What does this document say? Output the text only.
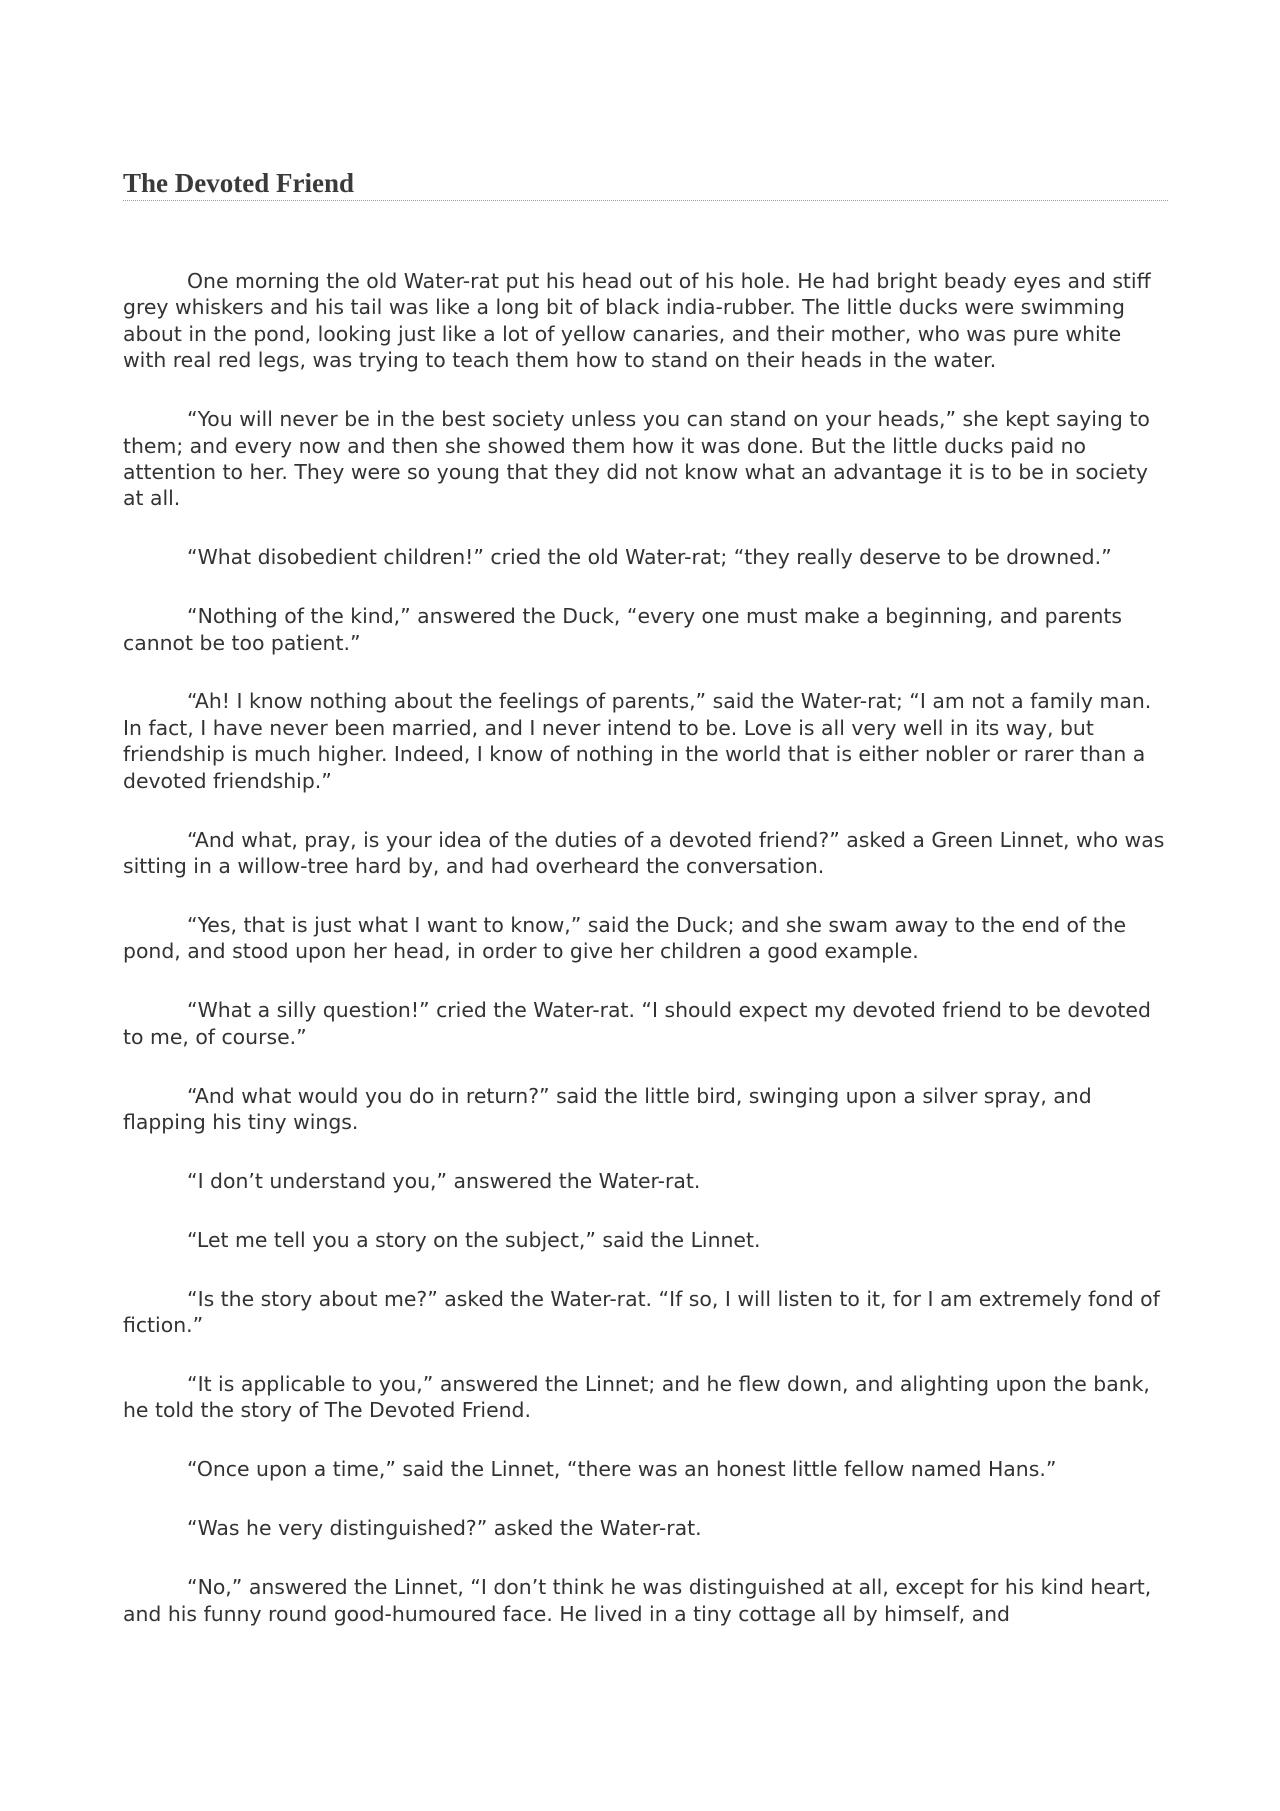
The Devoted Friend

One morning the old Water-rat put his head out of his hole. He had bright beady eyes and stiff grey whiskers and his tail was like a long bit of black india-rubber. The little ducks were swimming about in the pond, looking just like a lot of yellow canaries, and their mother, who was pure white with real red legs, was trying to teach them how to stand on their heads in the water.

“You will never be in the best society unless you can stand on your heads,” she kept saying to them; and every now and then she showed them how it was done. But the little ducks paid no attention to her. They were so young that they did not know what an advantage it is to be in society at all.

“What disobedient children!” cried the old Water-rat; “they really deserve to be drowned.”

“Nothing of the kind,” answered the Duck, “every one must make a beginning, and parents cannot be too patient.”

“Ah! I know nothing about the feelings of parents,” said the Water-rat; “I am not a family man. In fact, I have never been married, and I never intend to be. Love is all very well in its way, but friendship is much higher. Indeed, I know of nothing in the world that is either nobler or rarer than a devoted friendship.”

“And what, pray, is your idea of the duties of a devoted friend?” asked a Green Linnet, who was sitting in a willow-tree hard by, and had overheard the conversation.

“Yes, that is just what I want to know,” said the Duck; and she swam away to the end of the pond, and stood upon her head, in order to give her children a good example.

“What a silly question!” cried the Water-rat. “I should expect my devoted friend to be devoted to me, of course.”

“And what would you do in return?” said the little bird, swinging upon a silver spray, and flapping his tiny wings.

“I don’t understand you,” answered the Water-rat.

“Let me tell you a story on the subject,” said the Linnet.

“Is the story about me?” asked the Water-rat. “If so, I will listen to it, for I am extremely fond of fiction.”

“It is applicable to you,” answered the Linnet; and he flew down, and alighting upon the bank, he told the story of The Devoted Friend.

“Once upon a time,” said the Linnet, “there was an honest little fellow named Hans.”

“Was he very distinguished?” asked the Water-rat.

“No,” answered the Linnet, “I don’t think he was distinguished at all, except for his kind heart, and his funny round good-humoured face. He lived in a tiny cottage all by himself, and
